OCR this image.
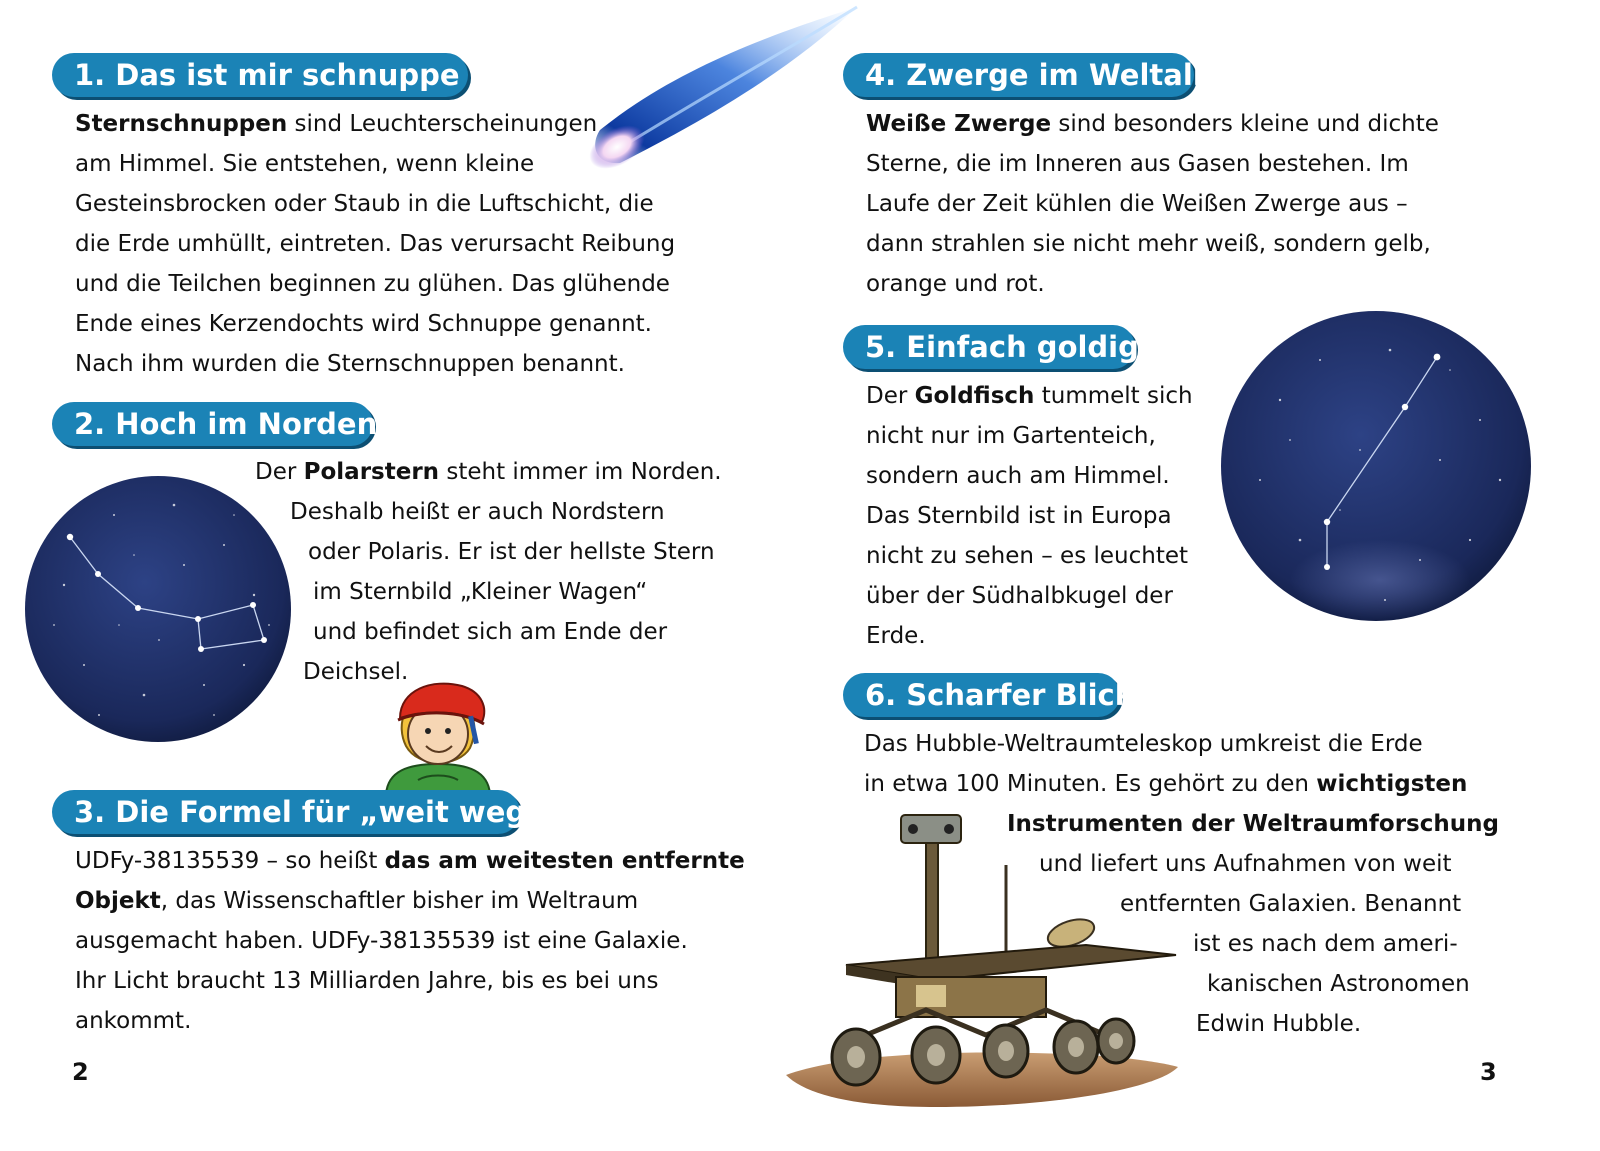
1. Das ist mir schnuppe …
Sternschnuppen sind Leuchterscheinungen
am Himmel. Sie entstehen, wenn kleine
Gesteinsbrocken oder Staub in die Luftschicht, die
die Erde umhüllt, eintreten. Das verursacht Reibung
und die Teilchen beginnen zu glühen. Das glühende
Ende eines Kerzendochts wird Schnuppe genannt.
Nach ihm wurden die Sternschnuppen benannt.
2. Hoch im Norden
Der Polarstern steht immer im Norden.
Deshalb heißt er auch Nordstern
oder Polaris. Er ist der hellste Stern
im Sternbild „Kleiner Wagen“
und befindet sich am Ende der
Deichsel.
3. Die Formel für „weit weg“
UDFy-38135539 – so heißt das am weitesten entfernte
Objekt, das Wissenschaftler bisher im Weltraum
ausgemacht haben. UDFy-38135539 ist eine Galaxie.
Ihr Licht braucht 13 Milliarden Jahre, bis es bei uns
ankommt.
4. Zwerge im Weltall
Weiße Zwerge sind besonders kleine und dichte
Sterne, die im Inneren aus Gasen bestehen. Im
Laufe der Zeit kühlen die Weißen Zwerge aus –
dann strahlen sie nicht mehr weiß, sondern gelb,
orange und rot.
5. Einfach goldig
Der Goldfisch tummelt sich
nicht nur im Gartenteich,
sondern auch am Himmel.
Das Sternbild ist in Europa
nicht zu sehen – es leuchtet
über der Südhalbkugel der
Erde.
6. Scharfer Blick
Das Hubble-Weltraumteleskop umkreist die Erde
in etwa 100 Minuten. Es gehört zu den wichtigsten
Instrumenten der Weltraumforschung
und liefert uns Aufnahmen von weit
entfernten Galaxien. Benannt
ist es nach dem ameri-
kanischen Astronomen
Edwin Hubble.
2	3
